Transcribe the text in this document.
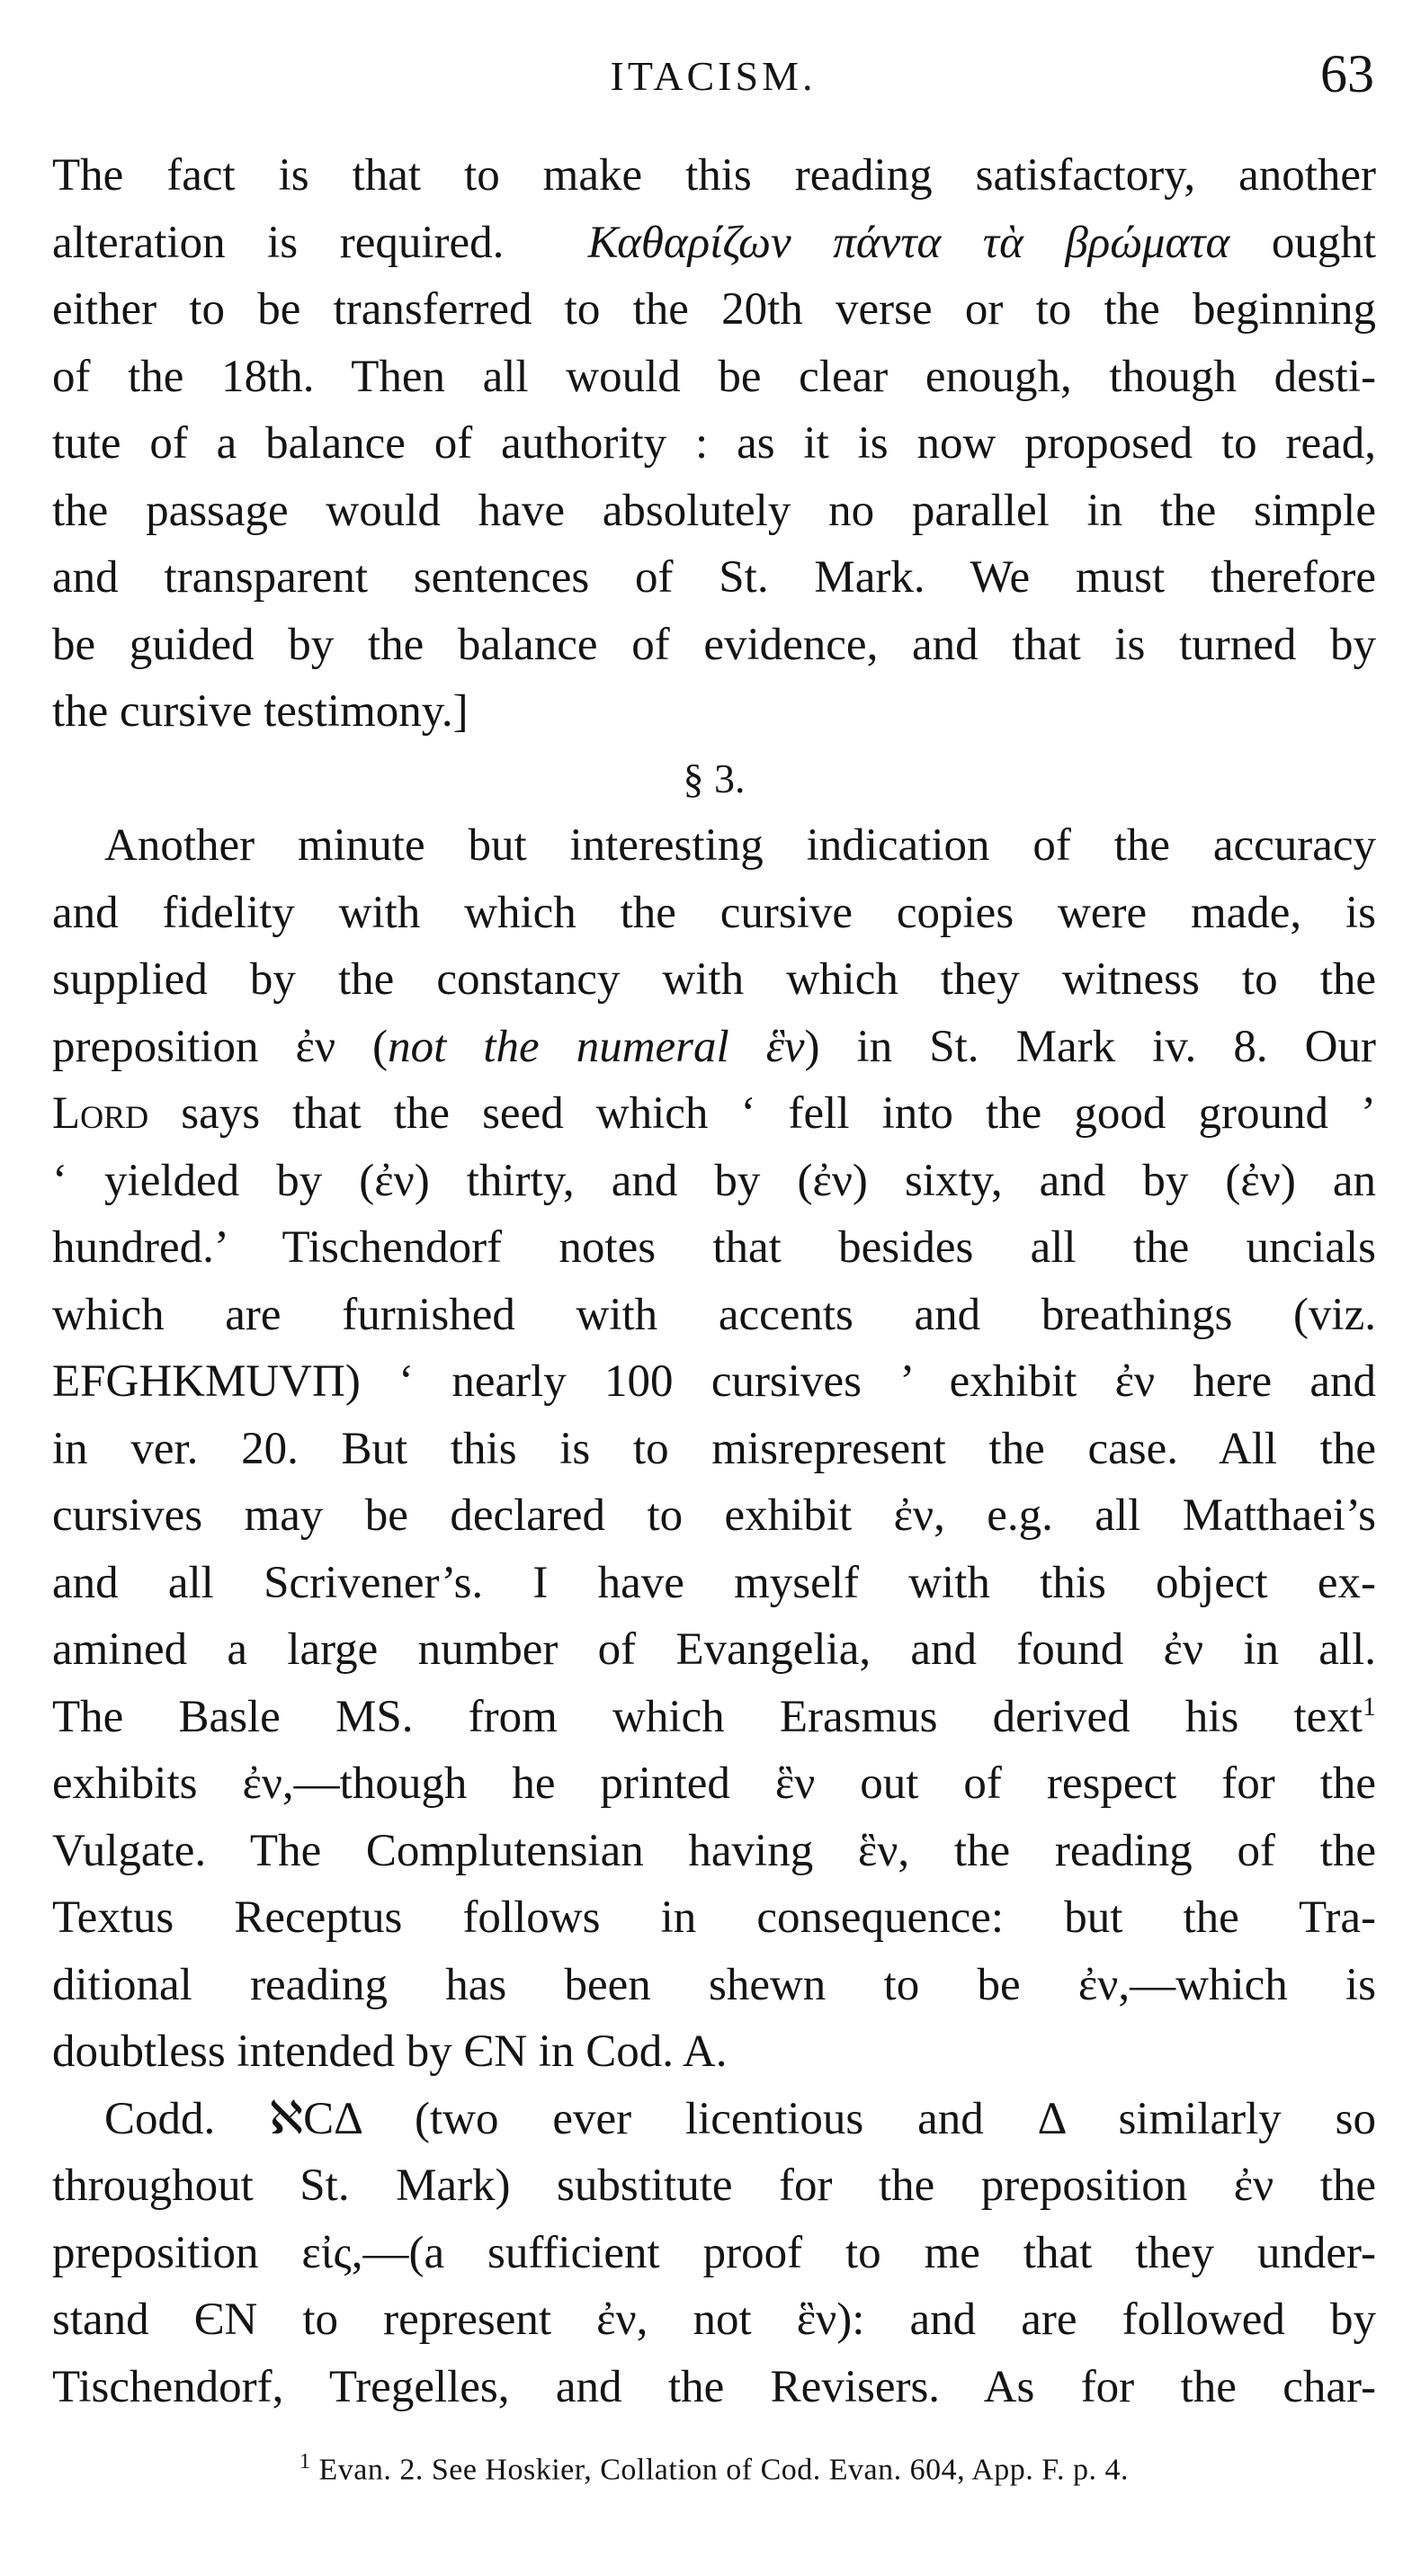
ITACISM.	63
The fact is that to make this reading satisfactory, another
alteration is required. Καθαρίζων πάντα τὰ βρώματα ought
either to be transferred to the 20th verse or to the beginning
of the 18th. Then all would be clear enough, though desti-
tute of a balance of authority : as it is now proposed to read,
the passage would have absolutely no parallel in the simple
and transparent sentences of St. Mark. We must therefore
be guided by the balance of evidence, and that is turned by
the cursive testimony.]
§ 3.
Another minute but interesting indication of the accuracy
and fidelity with which the cursive copies were made, is
supplied by the constancy with which they witness to the
preposition ἐν (not the numeral ἓν) in St. Mark iv. 8. Our
Lord says that the seed which ‘ fell into the good ground ’
‘ yielded by (ἐν) thirty, and by (ἐν) sixty, and by (ἐν) an
hundred.’ Tischendorf notes that besides all the uncials
which are furnished with accents and breathings (viz.
EFGHKMUVΠ) ‘ nearly 100 cursives ’ exhibit ἐν here and
in ver. 20. But this is to misrepresent the case. All the
cursives may be declared to exhibit ἐν, e.g. all Matthaei’s
and all Scrivener’s. I have myself with this object ex-
amined a large number of Evangelia, and found ἐν in all.
The Basle MS. from which Erasmus derived his text$^1$
exhibits ἐν,—though he printed ἓν out of respect for the
Vulgate. The Complutensian having ἓν, the reading of the
Textus Receptus follows in consequence: but the Tra-
ditional reading has been shewn to be ἐν,—which is
doubtless intended by ЄN in Cod. A.
Codd. ℵCΔ (two ever licentious and Δ similarly so
throughout St. Mark) substitute for the preposition ἐν the
preposition εἰς,—(a sufficient proof to me that they under-
stand ЄN to represent ἐν, not ἓν): and are followed by
Tischendorf, Tregelles, and the Revisers. As for the char-
$^1$ Evan. 2. See Hoskier, Collation of Cod. Evan. 604, App. F. p. 4.
